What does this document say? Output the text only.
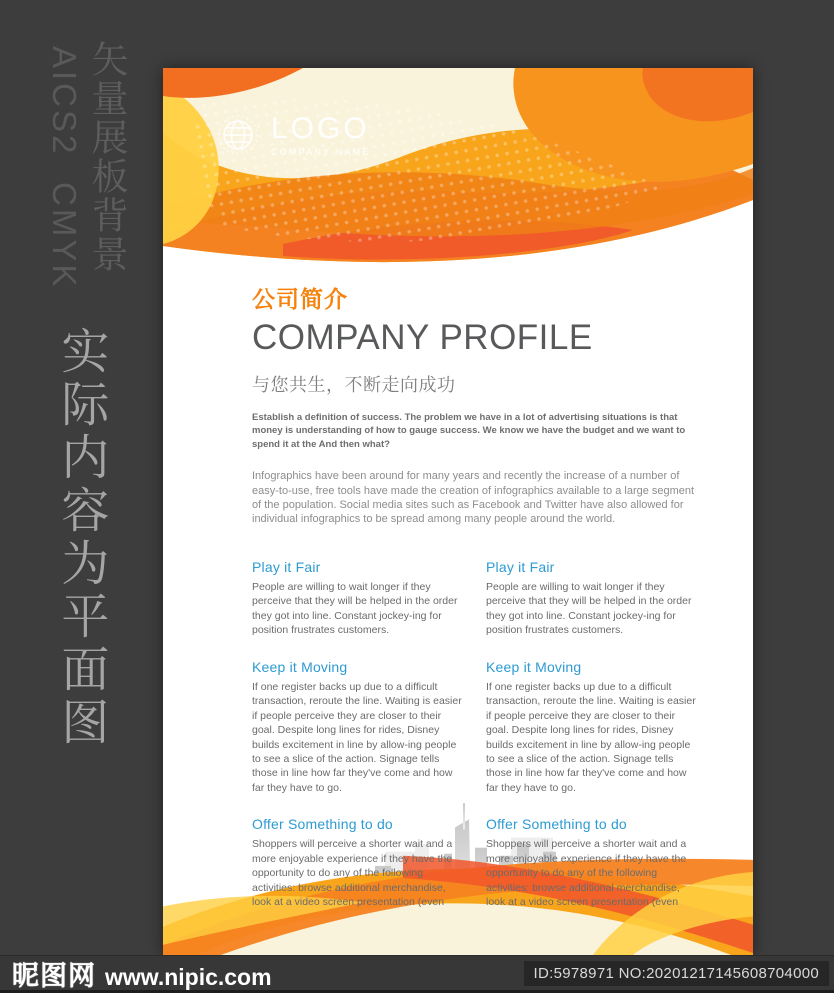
矢量展板背景
AICS2CMYK
实际内容为平面图
LOGO
COMPANY NAME
公司简介
COMPANY PROFILE
与您共生，不断走向成功

Establish a definition of success. The problem we have in a lot of advertising situations is that money is understanding of how to gauge success. We know we have the budget and we want to spend it at the And then what?

Infographics have been around for many years and recently the increase of a number of easy-to-use, free tools have made the creation of infographics available to a large segment of the population. Social media sites such as Facebook and Twitter have also allowed for individual infographics to be spread among many people around the world.

Play it Fair

People are willing to wait longer if they perceive that they will be helped in the order they got into line. Constant jockey-ing for position frustrates customers.

Keep it Moving

If one register backs up due to a difficult transaction, reroute the line. Waiting is easier if people perceive they are closer to their goal. Despite long lines for rides, Disney builds excitement in line by allow-ing people to see a slice of the action. Signage tells those in line how far they've come and how far they have to go.

Offer Something to do

Shoppers will perceive a shorter wait and a more enjoyable experience if they have the opportunity to do any of the following activities: browse additional merchandise, look at a video screen presentation (even

Play it Fair

People are willing to wait longer if they perceive that they will be helped in the order they got into line. Constant jockey-ing for position frustrates customers.

Keep it Moving

If one register backs up due to a difficult transaction, reroute the line. Waiting is easier if people perceive they are closer to their goal. Despite long lines for rides, Disney builds excitement in line by allow-ing people to see a slice of the action. Signage tells those in line how far they've come and how far they have to go.

Offer Something to do

Shoppers will perceive a shorter wait and a more enjoyable experience if they have the opportunity to do any of the following activities: browse additional merchandise, look at a video screen presentation (even

昵图网 www.nipic.com	ID:5978971 NO:20201217145608704000
